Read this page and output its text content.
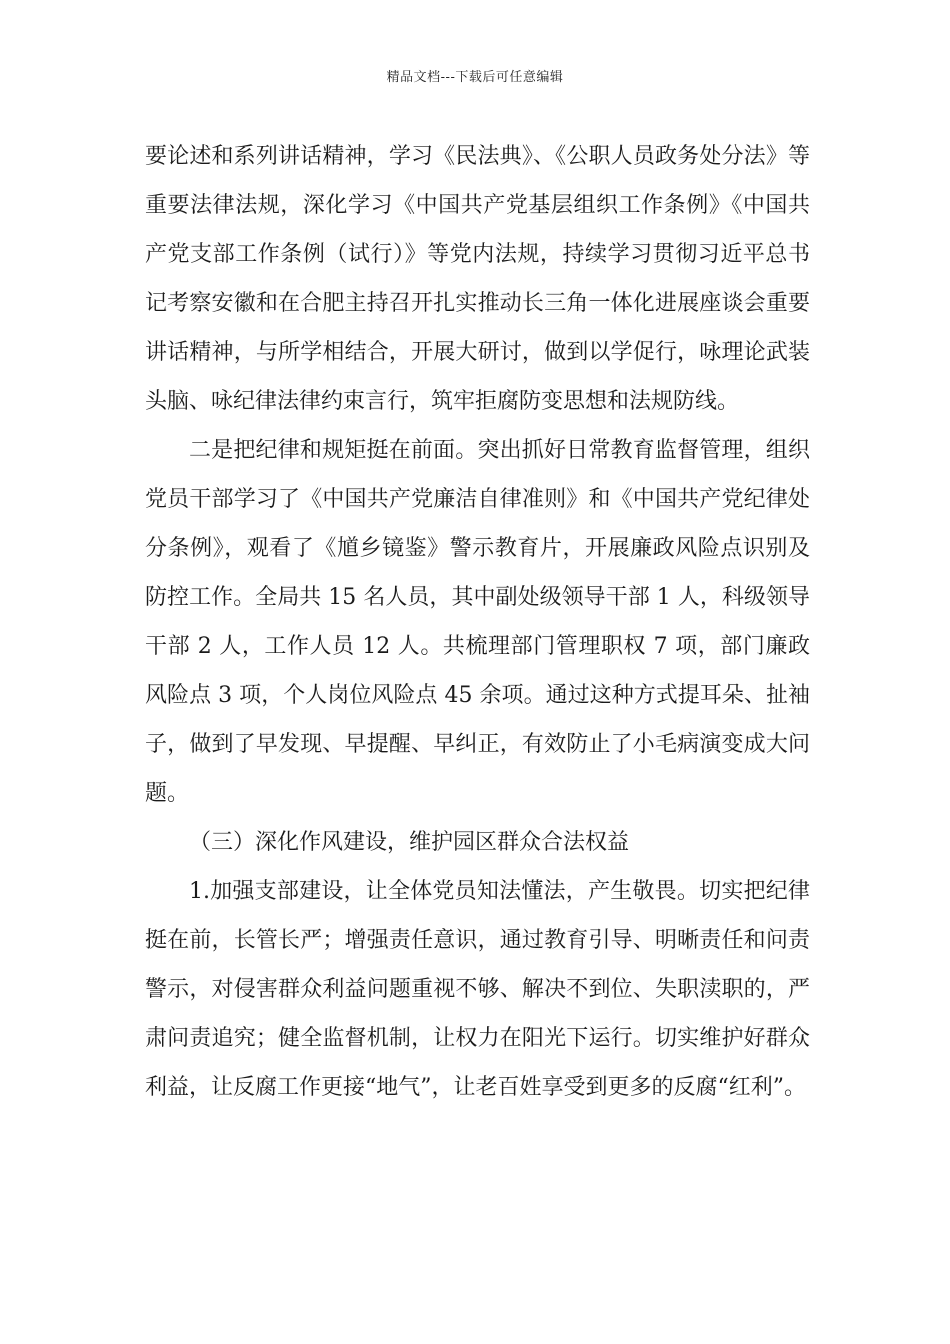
精品文档---下载后可任意编辑

要论述和系列讲话精神，学习《民法典》、《公职人员政务处分法》等重要法律法规，深化学习《中国共产党基层组织工作条例》《中国共产党支部工作条例（试行）》等党内法规，持续学习贯彻习近平总书记考察安徽和在合肥主持召开扎实推动长三角一体化进展座谈会重要讲话精神，与所学相结合，开展大研讨，做到以学促行，咏理论武装头脑、咏纪律法律约束言行，筑牢拒腐防变思想和法规防线。

二是把纪律和规矩挺在前面。突出抓好日常教育监督管理，组织党员干部学习了《中国共产党廉洁自律准则》和《中国共产党纪律处分条例》，观看了《馗乡镜鉴》警示教育片，开展廉政风险点识别及防控工作。全局共 15 名人员，其中副处级领导干部 1 人，科级领导干部 2 人，工作人员 12 人。共梳理部门管理职权 7 项，部门廉政风险点 3 项，个人岗位风险点 45 余项。通过这种方式提耳朵、扯袖子，做到了早发现、早提醒、早纠正，有效防止了小毛病演变成大问题。

（三）深化作风建设，维护园区群众合法权益

1.加强支部建设，让全体党员知法懂法，产生敬畏。切实把纪律挺在前，长管长严；增强责任意识，通过教育引导、明晰责任和问责警示，对侵害群众利益问题重视不够、解决不到位、失职渎职的，严肃问责追究；健全监督机制，让权力在阳光下运行。切实维护好群众利益，让反腐工作更接“地气”，让老百姓享受到更多的反腐“红利”。
